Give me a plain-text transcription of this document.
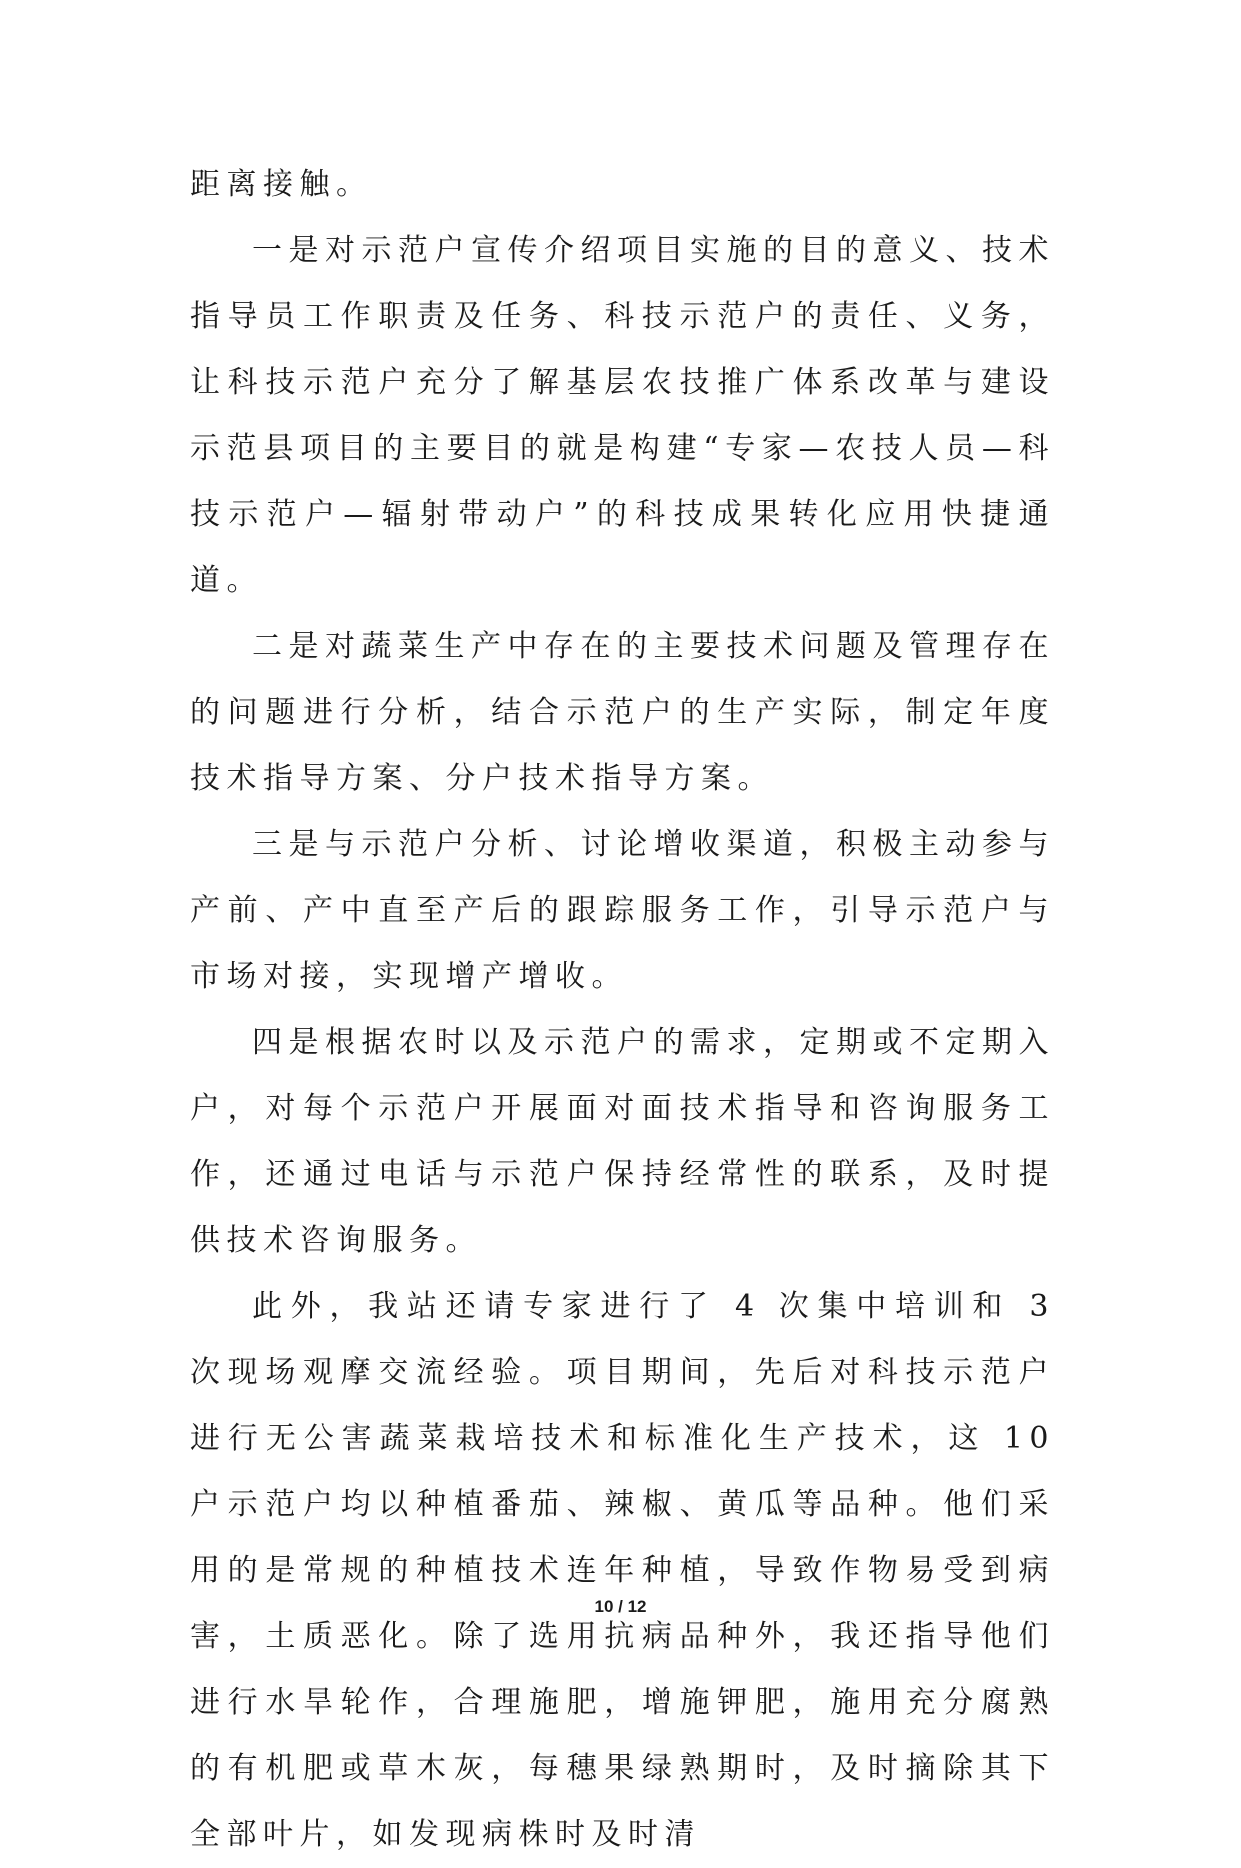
距离接触。

一是对示范户宣传介绍项目实施的目的意义、技术指导员工作职责及任务、科技示范户的责任、义务，让科技示范户充分了解基层农技推广体系改革与建设示范县项目的主要目的就是构建“专家—农技人员—科技示范户—辐射带动户”的科技成果转化应用快捷通道。

二是对蔬菜生产中存在的主要技术问题及管理存在的问题进行分析，结合示范户的生产实际，制定年度技术指导方案、分户技术指导方案。

三是与示范户分析、讨论增收渠道，积极主动参与产前、产中直至产后的跟踪服务工作，引导示范户与市场对接，实现增产增收。

四是根据农时以及示范户的需求，定期或不定期入户，对每个示范户开展面对面技术指导和咨询服务工作，还通过电话与示范户保持经常性的联系，及时提供技术咨询服务。

此外，我站还请专家进行了 4 次集中培训和 3 次现场观摩交流经验。项目期间，先后对科技示范户进行无公害蔬菜栽培技术和标准化生产技术，这 10 户示范户均以种植番茄、辣椒、黄瓜等品种。他们采用的是常规的种植技术连年种植，导致作物易受到病害，土质恶化。除了选用抗病品种外，我还指导他们进行水旱轮作，合理施肥，增施钾肥，施用充分腐熟的有机肥或草木灰，每穗果绿熟期时，及时摘除其下全部叶片，如发现病株时及时清

10 / 12
